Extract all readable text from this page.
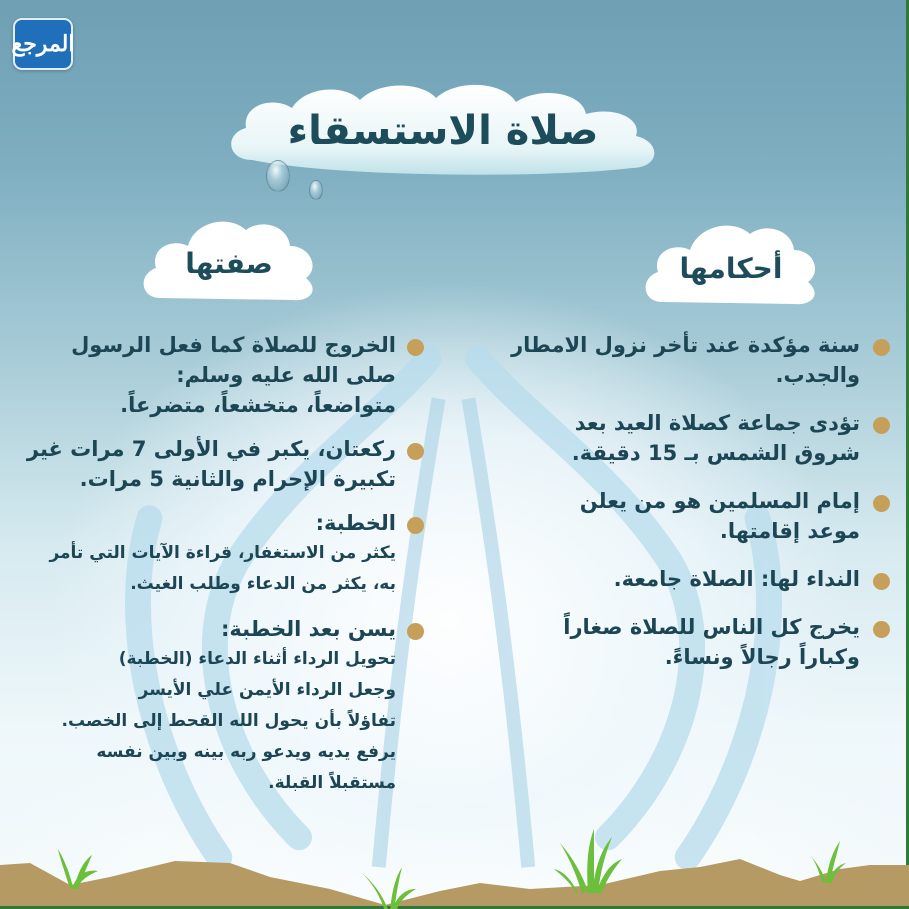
المرجع
صلاة الاستسقاء
صفتها	أحكامها
سنة مؤكدة عند تأخر نزول الامطار
والجدب.
تؤدى جماعة كصلاة العيد بعد
شروق الشمس بـ 15 دقيقة.
إمام المسلمين هو من يعلن
موعد إقامتها.
النداء لها: الصلاة جامعة.
يخرج كل الناس للصلاة صغاراً
وكباراً رجالاً ونساءً.
الخروج للصلاة كما فعل الرسول
صلى الله عليه وسلم:
متواضعاً، متخشعاً، متضرعاً.
ركعتان، يكبر في الأولى 7 مرات غير
تكبيرة الإحرام والثانية 5 مرات.
الخطبة:
يكثر من الاستغفار، قراءة الآيات التي تأمر
به، يكثر من الدعاء وطلب الغيث.
يسن بعد الخطبة:
تحويل الرداء أثناء الدعاء (الخطبة)
وجعل الرداء الأيمن علي الأيسر
تفاؤلاً بأن يحول الله القحط إلى الخصب.
يرفع يديه ويدعو ربه بينه وبين نفسه
مستقبلاً القبلة.
